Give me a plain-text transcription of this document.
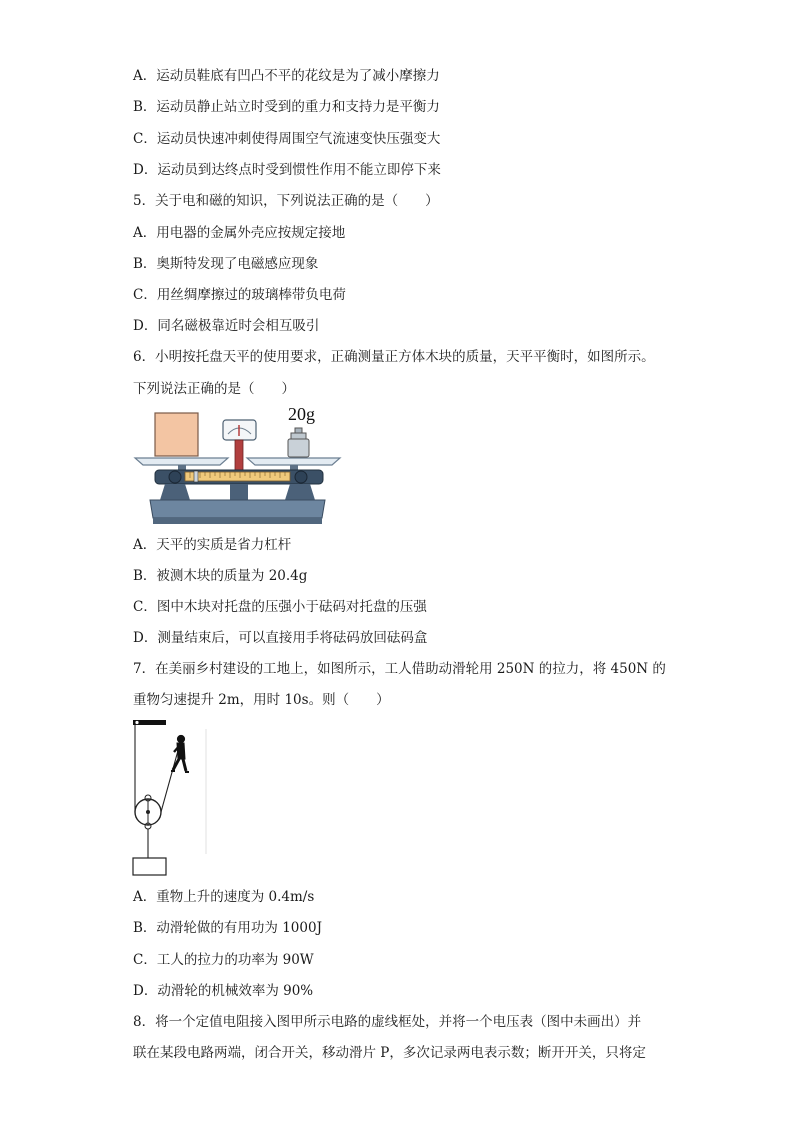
A．运动员鞋底有凹凸不平的花纹是为了减小摩擦力
B．运动员静止站立时受到的重力和支持力是平衡力
C．运动员快速冲刺使得周围空气流速变快压强变大
D．运动员到达终点时受到惯性作用不能立即停下来
5．关于电和磁的知识，下列说法正确的是（　　）
A．用电器的金属外壳应按规定接地
B．奥斯特发现了电磁感应现象
C．用丝绸摩擦过的玻璃棒带负电荷
D．同名磁极靠近时会相互吸引
6．小明按托盘天平的使用要求，正确测量正方体木块的质量，天平平衡时，如图所示。
下列说法正确的是（　　）
20g
A．天平的实质是省力杠杆
B．被测木块的质量为 20.4g
C．图中木块对托盘的压强小于砝码对托盘的压强
D．测量结束后，可以直接用手将砝码放回砝码盒
7．在美丽乡村建设的工地上，如图所示，工人借助动滑轮用 250N 的拉力，将 450N 的
重物匀速提升 2m，用时 10s。则（　　）
A．重物上升的速度为 0.4m/s
B．动滑轮做的有用功为 1000J
C．工人的拉力的功率为 90W
D．动滑轮的机械效率为 90%
8．将一个定值电阻接入图甲所示电路的虚线框处，并将一个电压表（图中未画出）并
联在某段电路两端，闭合开关，移动滑片 P，多次记录两电表示数；断开开关，只将定
